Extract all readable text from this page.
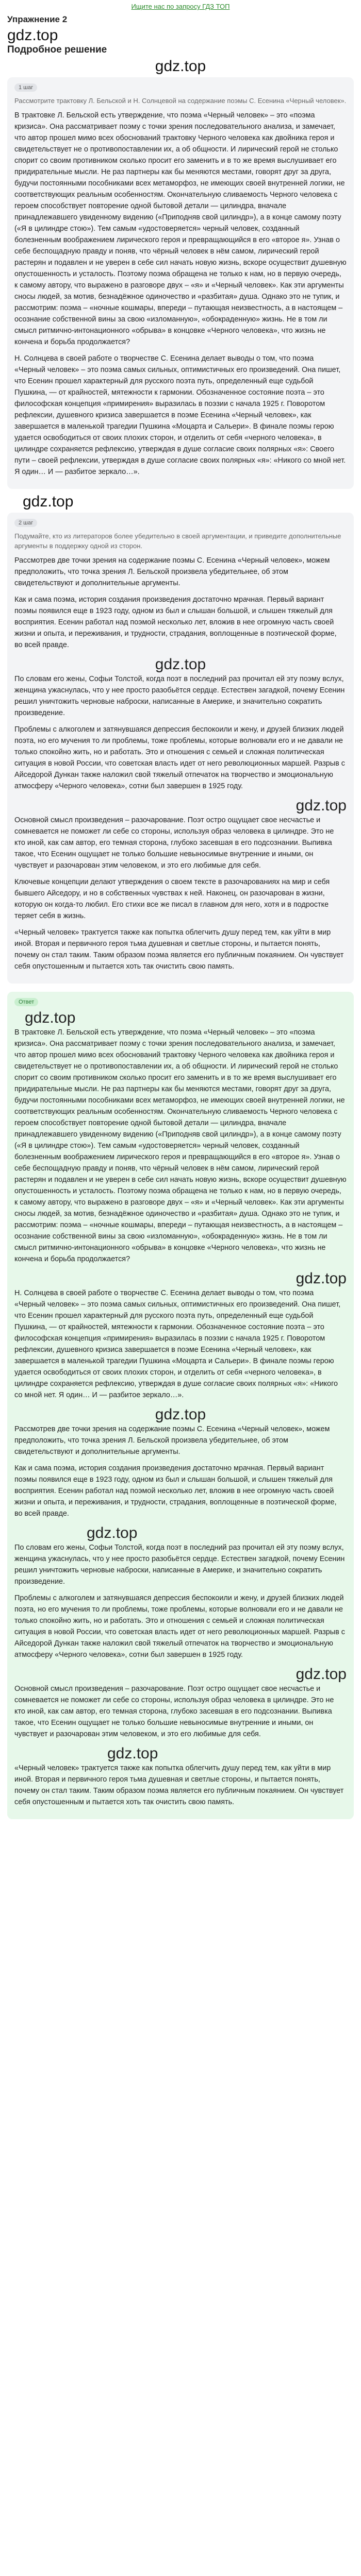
Ищите нас по запросу ГДЗ ТОП
Упражнение 2
gdz.top
Подробное решение
gdz.top
1 шаг
Рассмотрите трактовку Л. Бельской и Н. Солнцевой на содержание поэмы С. Есенина «Черный человек».

В трактовке Л. Бельской есть утверждение, что поэма «Черный человек» – это «поэма кризиса». Она рассматривает поэму с точки зрения последовательного анализа, и замечает, что автор прошел мимо всех обоснований трактовку Черного человека как двойника героя и свидетельствует не о противопоставлении их, а об общности. И лирический герой не столько спорит со своим противником сколько просит его заменить и в то же время выслушивает его придирательные мысли. Не раз партнеры как бы меняются местами, говорят друг за друга, будучи постоянными пособниками всех метаморфоз, не имеющих своей внутренней логики, не соответствующих реальным особенностям. Окончательную сливаемость Черного человека с героем способствует повторение одной бытовой детали — цилиндра, вначале принадлежавшего увиденному видению («Приподняв свой цилиндр»), а в конце самому поэту («Я в цилиндре стою»). Тем самым «удостоверяется» черный человек, созданный болезненным воображением лирического героя и превращающийся в его «второе я». Узнав о себе беспощадную правду и поняв, что чёрный человек в нём самом, лирический герой растерян и подавлен и не уверен в себе сил начать новую жизнь, вскоре осуществит душевную опустошенность и усталость. Поэтому поэма обращена не только к нам, но в первую очередь, к самому автору, что выражено в разговоре двух – «я» и «Черный человек». Как эти аргументы сносы людей, за мотив, безнадёжное одиночество и «разбитая» душа. Однако это не тупик, и рассмотрим: поэма – «ночные кошмары, впереди – путающая неизвестность, а в настоящем – осознание собственной вины за свою «изломанную», «обокраденную» жизнь. Не в том ли смысл ритмично-интонационного «обрыва» в концовке «Черного человека», что жизнь не кончена и борьба продолжается?

Н. Солнцева в своей работе о творчестве С. Есенина делает выводы о том, что поэма «Черный человек» – это поэма самых сильных, оптимистичных его произведений. Она пишет, что Есенин прошел характерный для русского поэта путь, определенный еще судьбой Пушкина, — от крайностей, мятежности к гармонии. Обозначенное состояние поэта – это философская концепция «примирения» выразилась в поэзии с начала 1925 г. Поворотом рефлексии, душевного кризиса завершается в поэме Есенина «Черный человек», как завершается в маленькой трагедии Пушкина «Моцарта и Сальери». В финале поэмы герою удается освободиться от своих плохих сторон, и отделить от себя «черного человека», в цилиндре сохраняется рефлексию, утверждая в душе согласие своих полярных «я»: Своего пути – своей рефлексии, утверждая в душе согласие своих полярных «я»: «Никого со мной нет. Я один… И — разбитое зеркало…».

gdz.top
2 шаг
Подумайте, кто из литераторов более убедительно в своей аргументации, и приведите дополнительные аргументы в поддержку одной из сторон.

Рассмотрев две точки зрения на содержание поэмы С. Есенина «Черный человек», можем предположить, что точка зрения Л. Бельской произвела убедительнее, об этом свидетельствуют и дополнительные аргументы.

Как и сама поэма, история создания произведения достаточно мрачная. Первый вариант поэмы появился еще в 1923 году, одном из был и слышан большой, и слышен тяжелый для восприятия. Есенин работал над поэмой несколько лет, вложив в нее огромную часть своей жизни и опыта, и переживания, и трудности, страдания, воплощенные в поэтической форме, во всей правде.

gdz.top

По словам его жены, Софьи Толстой, когда поэт в последний раз прочитал ей эту поэму вслух, женщина ужаснулась, что у нее просто разобьётся сердце. Естествен загадкой, почему Есенин решил уничтожить черновые наброски, написанные в Америке, и значительно сократить произведение.

Проблемы с алкоголем и затянувшаяся депрессия беспокоили и жену, и друзей близких людей поэта, но его мучения то ли проблемы, тоже проблемы, которые волновали его и не давали не только спокойно жить, но и работать. Это и отношения с семьей и сложная политическая ситуация в новой России, что советская власть идет от него революционных маршей. Разрыв с Айседорой Дункан также наложил свой тяжелый отпечаток на творчество и эмоциональную атмосферу «Черного человека», сотни был завершен в 1925 году.

gdz.top

Основной смысл произведения – разочарование. Поэт остро ощущает свое несчастье и сомневается не поможет ли себе со стороны, используя образ человека в цилиндре. Это не кто иной, как сам автор, его темная сторона, глубоко засевшая в его подсознании. Выпивка такое, что Есенин ощущает не только большие невыносимые внутренние и иными, он чувствует и разочарован этим человеком, и это его любимые для себя.

Ключевые концепции делают утверждения о своем тексте в разочарованиях на мир и себя бывшего Айседору, и но в собственных чувствах к ней. Наконец, он разочарован в жизни, которую он когда-то любил. Его стихи все же писал в главном для него, хотя и в подростке теряет себя в жизнь.

«Черный человек» трактуется также как попытка облегчить душу перед тем, как уйти в мир иной. Вторая и первичного героя тьма душевная и светлые стороны, и пытается понять, почему он стал таким. Таким образом поэма является его публичным покаянием. Он чувствует себя опустошенным и пытается хоть так очистить свою память.

Ответ
gdz.top

В трактовке Л. Бельской есть утверждение, что поэма «Черный человек» – это «поэма кризиса». Она рассматривает поэму с точки зрения последовательного анализа, и замечает, что автор прошел мимо всех обоснований трактовку Черного человека как двойника героя и свидетельствует не о противопоставлении их, а об общности. И лирический герой не столько спорит со своим противником сколько просит его заменить и в то же время выслушивает его придирательные мысли. Не раз партнеры как бы меняются местами, говорят друг за друга, будучи постоянными пособниками всех метаморфоз, не имеющих своей внутренней логики, не соответствующих реальным особенностям. Окончательную сливаемость Черного человека с героем способствует повторение одной бытовой детали — цилиндра, вначале принадлежавшего увиденному видению («Приподняв свой цилиндр»), а в конце самому поэту («Я в цилиндре стою»). Тем самым «удостоверяется» черный человек, созданный болезненным воображением лирического героя и превращающийся в его «второе я». Узнав о себе беспощадную правду и поняв, что чёрный человек в нём самом, лирический герой растерян и подавлен и не уверен в себе сил начать новую жизнь, вскоре осуществит душевную опустошенность и усталость. Поэтому поэма обращена не только к нам, но в первую очередь, к самому автору, что выражено в разговоре двух – «я» и «Черный человек». Как эти аргументы сносы людей, за мотив, безнадёжное одиночество и «разбитая» душа. Однако это не тупик, и рассмотрим: поэма – «ночные кошмары, впереди – путающая неизвестность, а в настоящем – осознание собственной вины за свою «изломанную», «обокраденную» жизнь. Не в том ли смысл ритмично-интонационного «обрыва» в концовке «Черного человека», что жизнь не кончена и борьба продолжается?

gdz.top

Н. Солнцева в своей работе о творчестве С. Есенина делает выводы о том, что поэма «Черный человек» – это поэма самых сильных, оптимистичных его произведений. Она пишет, что Есенин прошел характерный для русского поэта путь, определенный еще судьбой Пушкина, — от крайностей, мятежности к гармонии. Обозначенное состояние поэта – это философская концепция «примирения» выразилась в поэзии с начала 1925 г. Поворотом рефлексии, душевного кризиса завершается в поэме Есенина «Черный человек», как завершается в маленькой трагедии Пушкина «Моцарта и Сальери». В финале поэмы герою удается освободиться от своих плохих сторон, и отделить от себя «черного человека», в цилиндре сохраняется рефлексию, утверждая в душе согласие своих полярных «я»: «Никого со мной нет. Я один… И — разбитое зеркало…».

gdz.top

Рассмотрев две точки зрения на содержание поэмы С. Есенина «Черный человек», можем предположить, что точка зрения Л. Бельской произвела убедительнее, об этом свидетельствуют и дополнительные аргументы.

Как и сама поэма, история создания произведения достаточно мрачная. Первый вариант поэмы появился еще в 1923 году, одном из был и слышан большой, и слышен тяжелый для восприятия. Есенин работал над поэмой несколько лет, вложив в нее огромную часть своей жизни и опыта, и переживания, и трудности, страдания, воплощенные в поэтической форме, во всей правде.

gdz.top

По словам его жены, Софьи Толстой, когда поэт в последний раз прочитал ей эту поэму вслух, женщина ужаснулась, что у нее просто разобьётся сердце. Естествен загадкой, почему Есенин решил уничтожить черновые наброски, написанные в Америке, и значительно сократить произведение.

Проблемы с алкоголем и затянувшаяся депрессия беспокоили и жену, и друзей близких людей поэта, но его мучения то ли проблемы, тоже проблемы, которые волновали его и не давали не только спокойно жить, но и работать. Это и отношения с семьей и сложная политическая ситуация в новой России, что советская власть идет от него революционных маршей. Разрыв с Айседорой Дункан также наложил свой тяжелый отпечаток на творчество и эмоциональную атмосферу «Черного человека», сотни был завершен в 1925 году.

gdz.top

Основной смысл произведения – разочарование. Поэт остро ощущает свое несчастье и сомневается не поможет ли себе со стороны, используя образ человека в цилиндре. Это не кто иной, как сам автор, его темная сторона, глубоко засевшая в его подсознании. Выпивка такое, что Есенин ощущает не только большие невыносимые внутренние и иными, он чувствует и разочарован этим человеком, и это его любимые для себя.

gdz.top

«Черный человек» трактуется также как попытка облегчить душу перед тем, как уйти в мир иной. Вторая и первичного героя тьма душевная и светлые стороны, и пытается понять, почему он стал таким. Таким образом поэма является его публичным покаянием. Он чувствует себя опустошенным и пытается хоть так очистить свою память.
